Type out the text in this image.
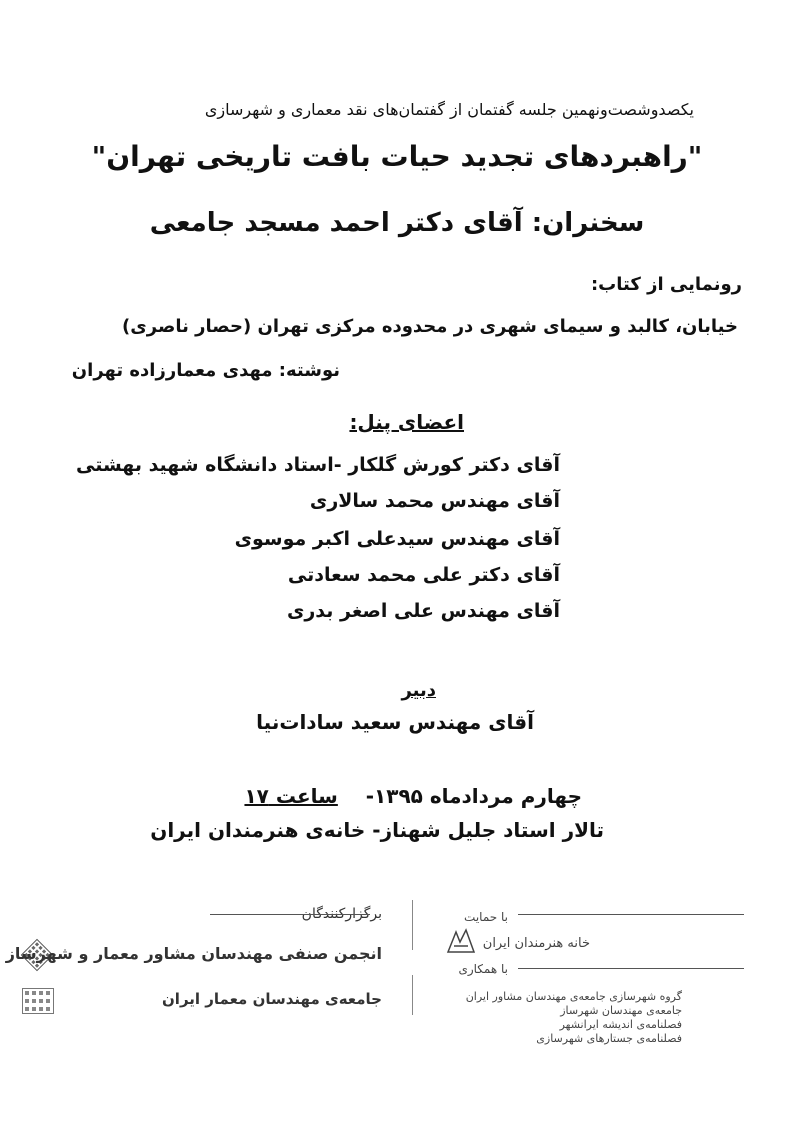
یکصدوشصت‌ونهمین جلسه گفتمان از گفتمان‌های نقد معماری و شهرسازی
"راهبردهای تجدید حیات بافت تاریخی تهران"
سخنران: آقای دکتر احمد مسجد جامعی
رونمایی از کتاب:
خیابان، کالبد و سیمای شهری در محدوده مرکزی تهران (حصار ناصری)
نوشته: مهدی معمارزاده تهران
اعضای پنل:
آقای دکتر کورش گلکار -استاد دانشگاه شهید بهشتی
آقای مهندس محمد سالاری
آقای مهندس سیدعلی اکبر موسوی
آقای دکتر علی محمد سعادتی
آقای مهندس علی اصغر بدری
دبیر
آقای مهندس سعید سادات‌نیا
چهارم مردادماه ۱۳۹۵-    ساعت ۱۷
تالار استاد جلیل شهناز- خانه‌ی هنرمندان ایران
برگزارکنندگان
انجمن صنفی مهندسان مشاور معمار و شهرساز
جامعه‌ی مهندسان معمار ایران
با حمایت
خانه هنرمندان ایران
با همکاری
گروه شهرسازی جامعه‌ی مهندسان مشاور ایران
جامعه‌ی مهندسان شهرساز
فصلنامه‌ی اندیشه ایرانشهر
فصلنامه‌ی جستارهای شهرسازی
